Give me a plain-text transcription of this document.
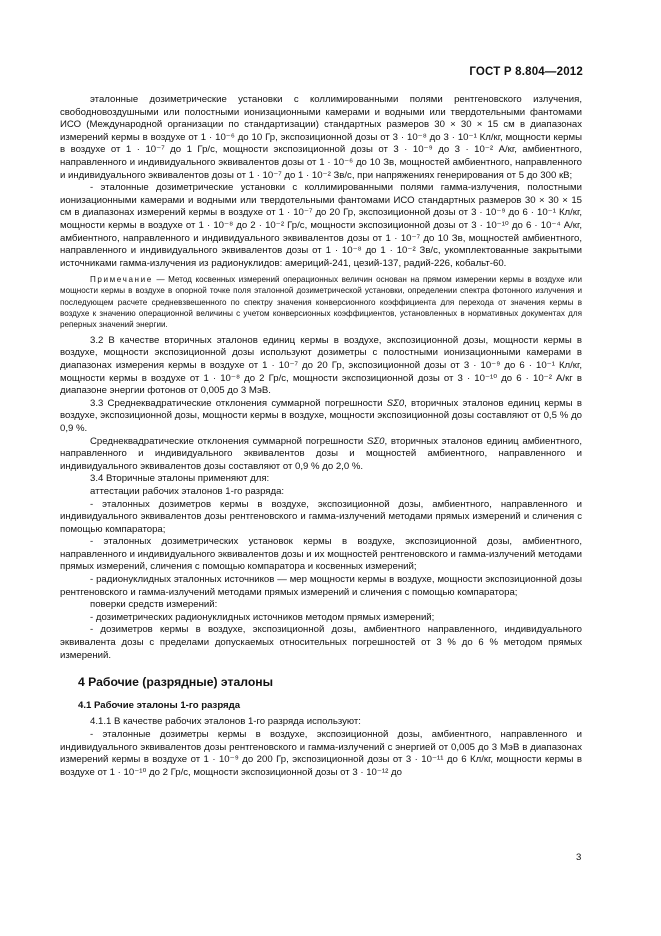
ГОСТ Р 8.804—2012

эталонные дозиметрические установки с коллимированными полями рентгеновского излучения, свободновоздушными или полостными ионизационными камерами и водными или твердотельными фантомами ИСО (Международной организации по стандартизации) стандартных размеров 30 × 30 × 15 см в диапазонах измерений кермы в воздухе от 1 · 10⁻⁶ до 10 Гр, экспозиционной дозы от 3 · 10⁻⁸ до 3 · 10⁻¹ Кл/кг, мощности кермы в воздухе от 1 · 10⁻⁷ до 1 Гр/с, мощности экспозиционной дозы от 3 · 10⁻⁹ до 3 · 10⁻² А/кг, амбиентного, направленного и индивидуального эквивалентов дозы от 1 · 10⁻⁶ до 10 Зв, мощностей амбиентного, направленного и индивидуального эквивалентов дозы от 1 · 10⁻⁷ до 1 · 10⁻² Зв/с, при напряжениях генерирования от 5 до 300 кВ;

- эталонные дозиметрические установки с коллимированными полями гамма-излучения, полостными ионизационными камерами и водными или твердотельными фантомами ИСО стандартных размеров 30 × 30 × 15 см в диапазонах измерений кермы в воздухе от 1 · 10⁻⁷ до 20 Гр, экспозиционной дозы от 3 · 10⁻⁹ до 6 · 10⁻¹ Кл/кг, мощности кермы в воздухе от 1 · 10⁻⁸ до 2 · 10⁻² Гр/с, мощности экспозиционной дозы от 3 · 10⁻¹⁰ до 6 · 10⁻⁴ А/кг, амбиентного, направленного и индивидуального эквивалентов дозы от 1 · 10⁻⁷ до 10 Зв, мощностей амбиентного, направленного и индивидуального эквивалентов дозы от 1 · 10⁻⁸ до 1 · 10⁻² Зв/с, укомплектованные закрытыми источниками гамма-излучения из радионуклидов: америций-241, цезий-137, радий-226, кобальт-60.

Примечание — Метод косвенных измерений операционных величин основан на прямом измерении кермы в воздухе или мощности кермы в воздухе в опорной точке поля эталонной дозиметрической установки, определении спектра фотонного излучения и последующем расчете средневзвешенного по спектру значения конверсионного коэффициента для перехода от значения кермы в воздухе к значению операционной величины с учетом конверсионных коэффициентов, установленных в нормативных документах для реперных значений энергии.

3.2 В качестве вторичных эталонов единиц кермы в воздухе, экспозиционной дозы, мощности кермы в воздухе, мощности экспозиционной дозы используют дозиметры с полостными ионизационными камерами в диапазонах измерения кермы в воздухе от 1 · 10⁻⁷ до 20 Гр, экспозиционной дозы от 3 · 10⁻⁹ до 6 · 10⁻¹ Кл/кг, мощности кермы в воздухе от 1 · 10⁻⁸ до 2 Гр/с, мощности экспозиционной дозы от 3 · 10⁻¹⁰ до 6 · 10⁻² А/кг в диапазоне энергии фотонов от 0,005 до 3 МэВ.

3.3 Среднеквадратические отклонения суммарной погрешности SΣ0, вторичных эталонов единиц кермы в воздухе, экспозиционной дозы, мощности кермы в воздухе, мощности экспозиционной дозы составляют от 0,5 % до 0,9 %.

Среднеквадратические отклонения суммарной погрешности SΣ0, вторичных эталонов единиц амбиентного, направленного и индивидуального эквивалентов дозы и мощностей амбиентного, направленного и индивидуального эквивалентов дозы составляют от 0,9 % до 2,0 %.

3.4 Вторичные эталоны применяют для:

аттестации рабочих эталонов 1-го разряда:

- эталонных дозиметров кермы в воздухе, экспозиционной дозы, амбиентного, направленного и индивидуального эквивалентов дозы рентгеновского и гамма-излучений методами прямых измерений и сличения с помощью компаратора;

- эталонных дозиметрических установок кермы в воздухе, экспозиционной дозы, амбиентного, направленного и индивидуального эквивалентов дозы и их мощностей рентгеновского и гамма-излучений методами прямых измерений, сличения с помощью компаратора и косвенных измерений;

- радионуклидных эталонных источников — мер мощности кермы в воздухе, мощности экспозиционной дозы рентгеновского и гамма-излучений методами прямых измерений и сличения с помощью компаратора;

поверки средств измерений:

- дозиметрических радионуклидных источников методом прямых измерений;

- дозиметров кермы в воздухе, экспозиционной дозы, амбиентного направленного, индивидуального эквивалента дозы с пределами допускаемых относительных погрешностей от 3 % до 6 % методом прямых измерений.

4 Рабочие (разрядные) эталоны

4.1 Рабочие эталоны 1-го разряда

4.1.1 В качестве рабочих эталонов 1-го разряда используют:

- эталонные дозиметры кермы в воздухе, экспозиционной дозы, амбиентного, направленного и индивидуального эквивалентов дозы рентгеновского и гамма-излучений с энергией от 0,005 до 3 МэВ в диапазонах измерений кермы в воздухе от 1 · 10⁻⁹ до 200 Гр, экспозиционной дозы от 3 · 10⁻¹¹ до 6 Кл/кг, мощности кермы в воздухе от 1 · 10⁻¹⁰ до 2 Гр/с, мощности экспозиционной дозы от 3 · 10⁻¹² до

3
